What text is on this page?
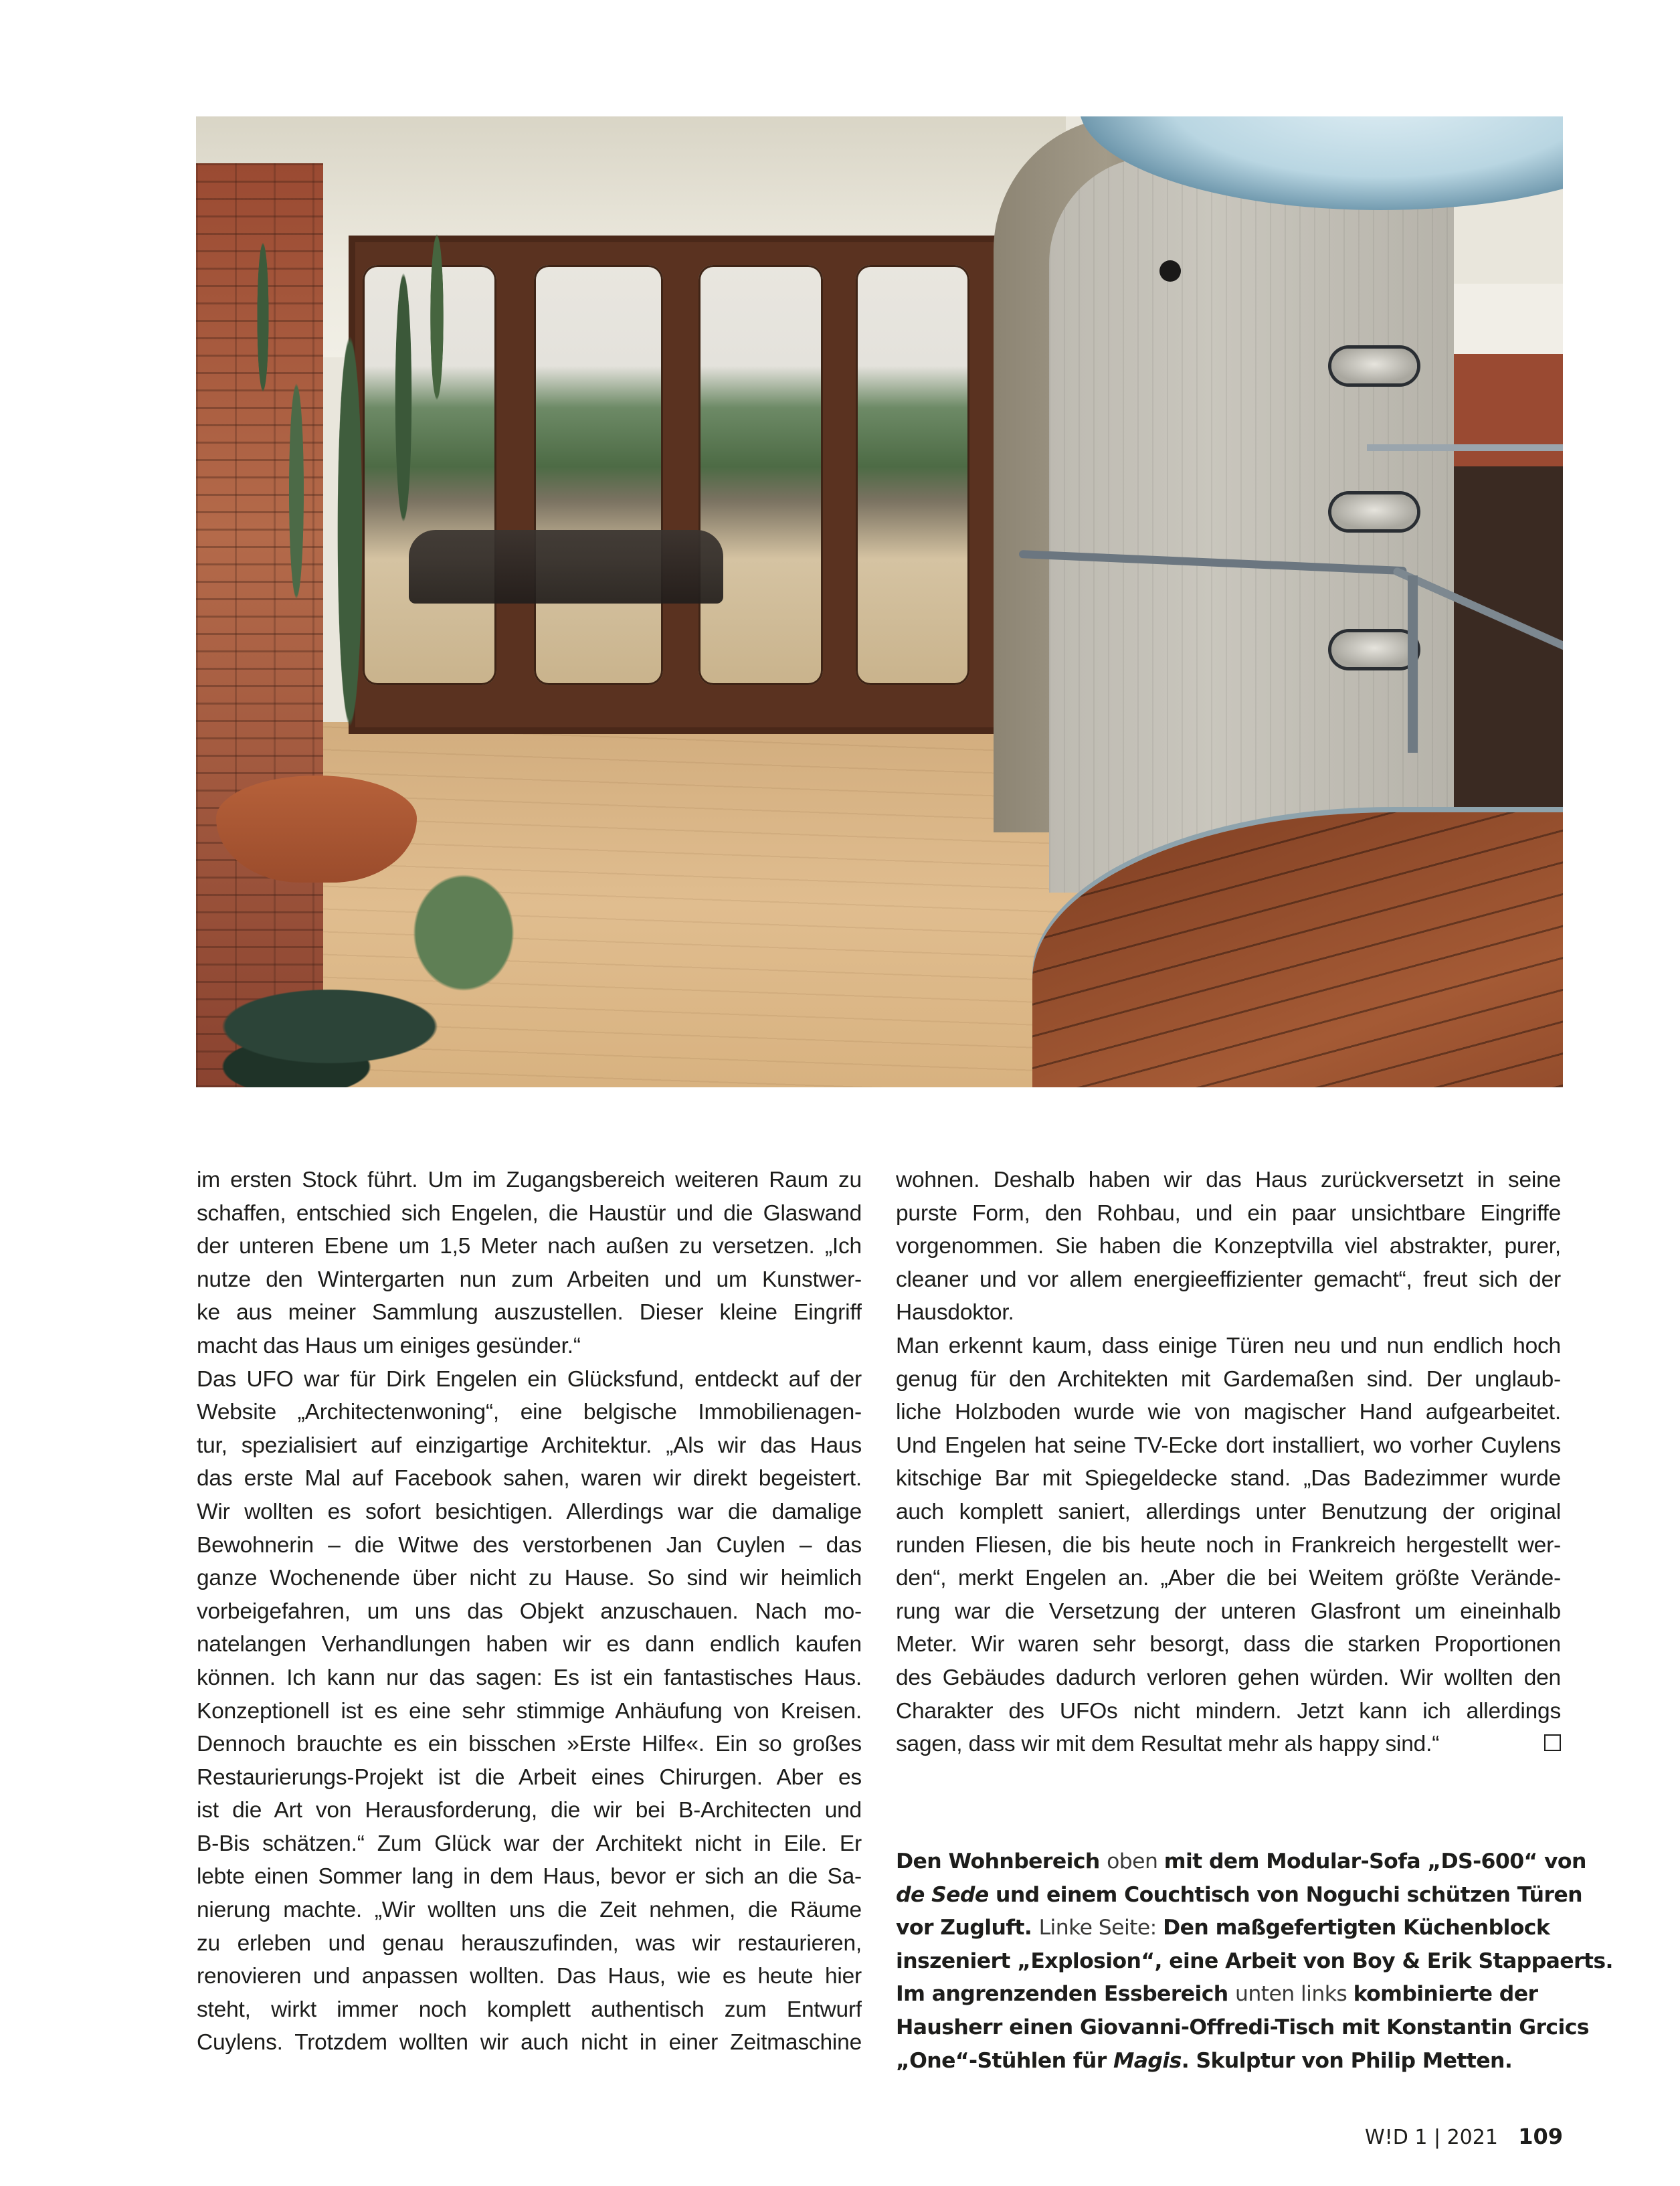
im ersten Stock führt. Um im Zugangsbereich weiteren Raum zu
schaffen, entschied sich Engelen, die Haustür und die Glaswand
der unteren Ebene um 1,5 Meter nach außen zu versetzen. „Ich
nutze den Wintergarten nun zum Arbeiten und um Kunstwer-
ke aus meiner Sammlung auszustellen. Dieser kleine Eingriff
macht das Haus um einiges gesünder.“
Das UFO war für Dirk Engelen ein Glücksfund, entdeckt auf der
Website „Architectenwoning“, eine belgische Immobilienagen-
tur, spezialisiert auf einzigartige Architektur. „Als wir das Haus
das erste Mal auf Facebook sahen, waren wir direkt begeistert.
Wir wollten es sofort besichtigen. Allerdings war die damalige
Bewohnerin – die Witwe des verstorbenen Jan Cuylen – das
ganze Wochenende über nicht zu Hause. So sind wir heimlich
vorbeigefahren, um uns das Objekt anzuschauen. Nach mo-
natelangen Verhandlungen haben wir es dann endlich kaufen
können. Ich kann nur das sagen: Es ist ein fantastisches Haus.
Konzeptionell ist es eine sehr stimmige Anhäufung von Kreisen.
Dennoch brauchte es ein bisschen »Erste Hilfe«. Ein so großes
Restaurierungs-Projekt ist die Arbeit eines Chirurgen. Aber es
ist die Art von Herausforderung, die wir bei B-Architecten und
B-Bis schätzen.“ Zum Glück war der Architekt nicht in Eile. Er
lebte einen Sommer lang in dem Haus, bevor er sich an die Sa-
nierung machte. „Wir wollten uns die Zeit nehmen, die Räume
zu erleben und genau herauszufinden, was wir restaurieren,
renovieren und anpassen wollten. Das Haus, wie es heute hier
steht, wirkt immer noch komplett authentisch zum Entwurf
Cuylens. Trotzdem wollten wir auch nicht in einer Zeitmaschine
wohnen. Deshalb haben wir das Haus zurückversetzt in seine
purste Form, den Rohbau, und ein paar unsichtbare Eingriffe
vorgenommen. Sie haben die Konzeptvilla viel abstrakter, purer,
cleaner und vor allem energieeffizienter gemacht“, freut sich der
Hausdoktor.
Man erkennt kaum, dass einige Türen neu und nun endlich hoch
genug für den Architekten mit Gardemaßen sind. Der unglaub-
liche Holzboden wurde wie von magischer Hand aufgearbeitet.
Und Engelen hat seine TV-Ecke dort installiert, wo vorher Cuylens
kitschige Bar mit Spiegeldecke stand. „Das Badezimmer wurde
auch komplett saniert, allerdings unter Benutzung der original
runden Fliesen, die bis heute noch in Frankreich hergestellt wer-
den“, merkt Engelen an. „Aber die bei Weitem größte Verände-
rung war die Versetzung der unteren Glasfront um eineinhalb
Meter. Wir waren sehr besorgt, dass die starken Proportionen
des Gebäudes dadurch verloren gehen würden. Wir wollten den
Charakter des UFOs nicht mindern. Jetzt kann ich allerdings
sagen, dass wir mit dem Resultat mehr als happy sind.“
Den Wohnbereich oben mit dem Modular-Sofa „DS-600“ von
de Sede und einem Couchtisch von Noguchi schützen Türen
vor Zugluft. Linke Seite: Den maßgefertigten Küchenblock
inszeniert „Explosion“, eine Arbeit von Boy & Erik Stappaerts.
Im angrenzenden Essbereich unten links kombinierte der
Hausherr einen Giovanni-Offredi-Tisch mit Konstantin Grcics
„One“-Stühlen für Magis. Skulptur von Philip Metten.
W!D 1 | 2021 109
